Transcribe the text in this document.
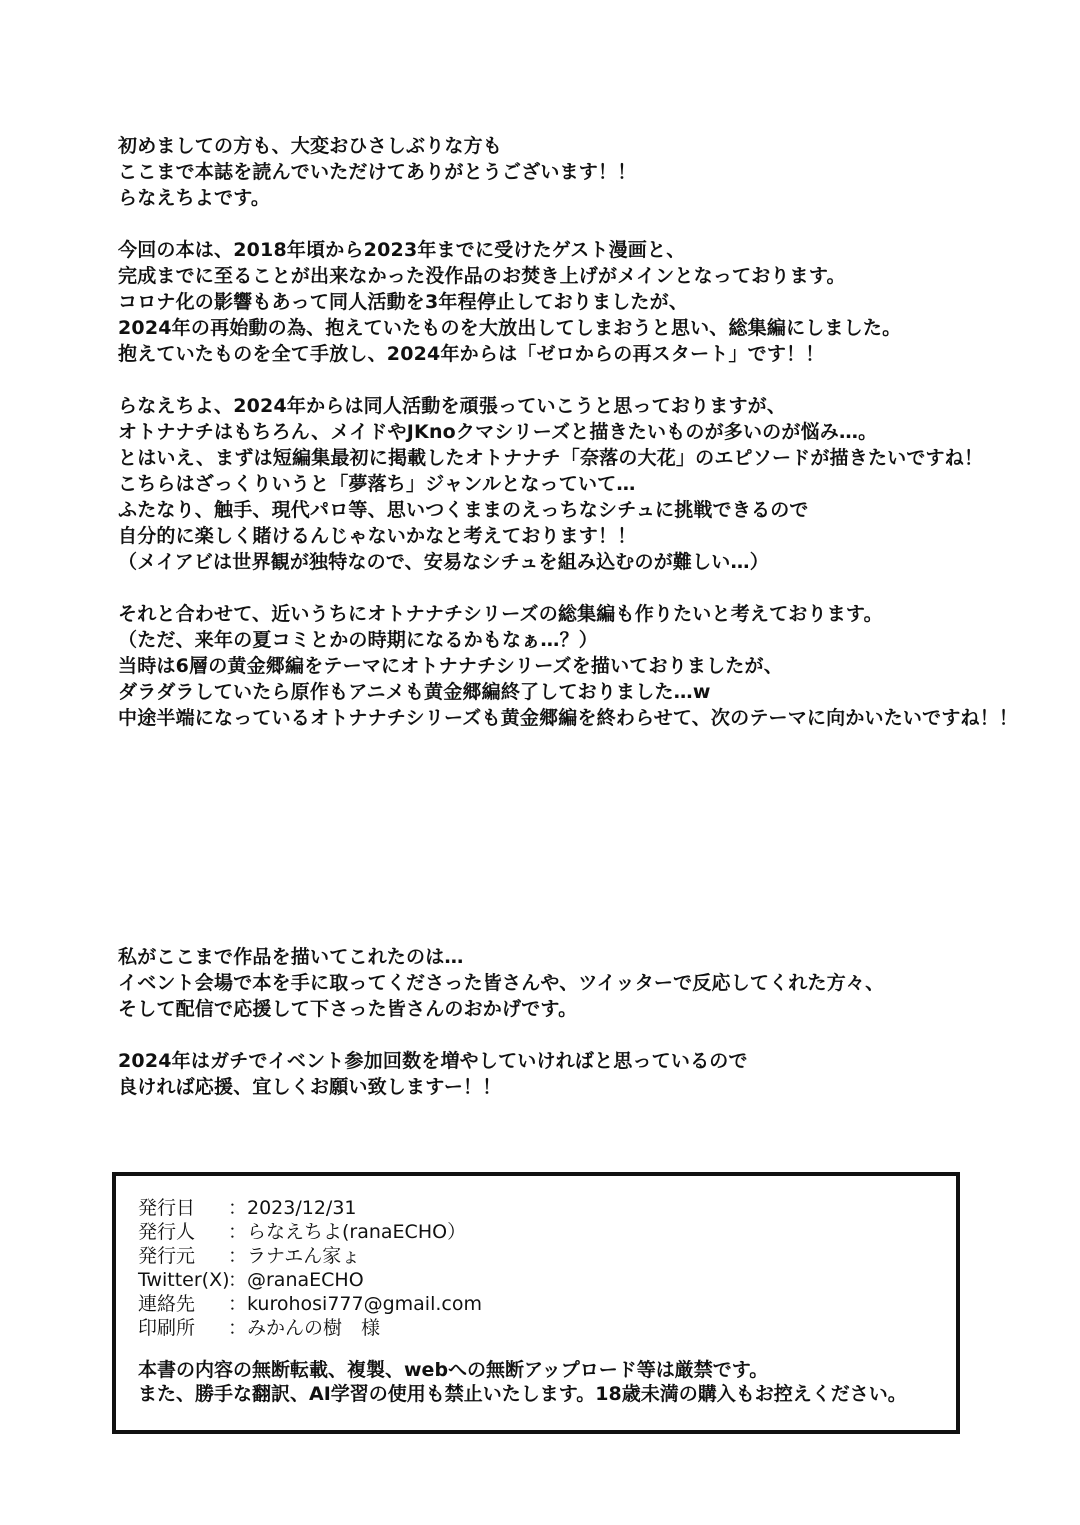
初めましての方も、大変おひさしぶりな方も
ここまで本誌を読んでいただけてありがとうございます！！
らなえちよです。
今回の本は、2018年頃から2023年までに受けたゲスト漫画と、
完成までに至ることが出来なかった没作品のお焚き上げがメインとなっております。
コロナ化の影響もあって同人活動を3年程停止しておりましたが、
2024年の再始動の為、抱えていたものを大放出してしまおうと思い、総集編にしました。
抱えていたものを全て手放し、2024年からは「ゼロからの再スタート」です！！
らなえちよ、2024年からは同人活動を頑張っていこうと思っておりますが、
オトナナチはもちろん、メイドやJKnoクマシリーズと描きたいものが多いのが悩み…。
とはいえ、まずは短編集最初に掲載したオトナナチ「奈落の大花」のエピソードが描きたいですね！
こちらはざっくりいうと「夢落ち」ジャンルとなっていて…
ふたなり、触手、現代パロ等、思いつくままのえっちなシチュに挑戦できるので
自分的に楽しく賭けるんじゃないかなと考えております！！
（メイアビは世界観が独特なので、安易なシチュを組み込むのが難しい…）
それと合わせて、近いうちにオトナナチシリーズの総集編も作りたいと考えております。
（ただ、来年の夏コミとかの時期になるかもなぁ…？）
当時は6層の黄金郷編をテーマにオトナナチシリーズを描いておりましたが、
ダラダラしていたら原作もアニメも黄金郷編終了しておりました…w
中途半端になっているオトナナチシリーズも黄金郷編を終わらせて、次のテーマに向かいたいですね！！
私がここまで作品を描いてこれたのは…
イベント会場で本を手に取ってくださった皆さんや、ツイッターで反応してくれた方々、
そして配信で応援して下さった皆さんのおかげです。
2024年はガチでイベント参加回数を増やしていければと思っているので
良ければ応援、宜しくお願い致しますー！！
発行日 ：2023/12/31
発行人 ：らなえちよ(ranaECHO）
発行元 ：ラナエん家ょ
Twitter(X)：@ranaECHO
連絡先 ：kurohosi777@gmail.com
印刷所 ：みかんの樹　様
本書の内容の無断転載、複製、webへの無断アップロード等は厳禁です。
また、勝手な翻訳、AI学習の使用も禁止いたします。18歳未満の購入もお控えください。
